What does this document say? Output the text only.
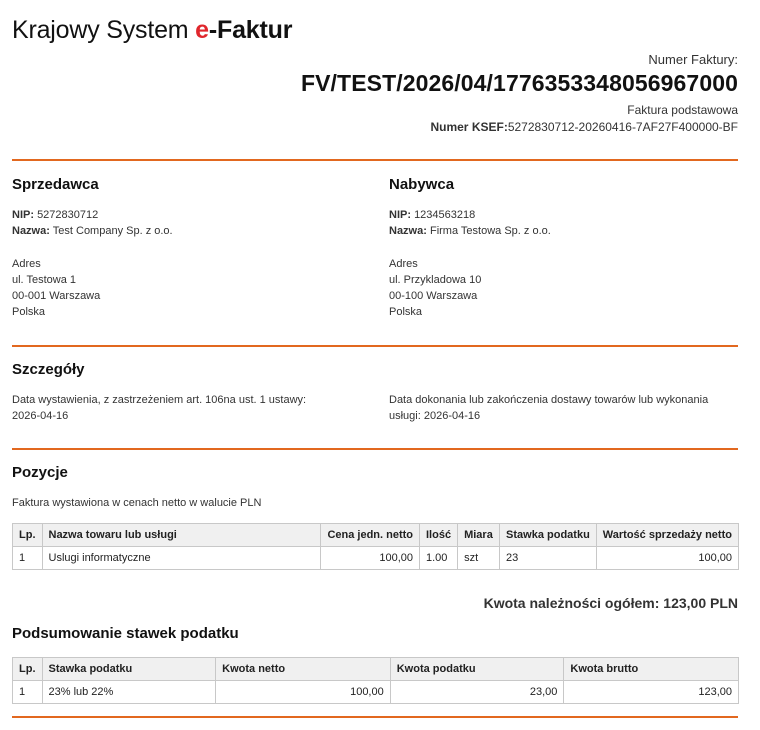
Krajowy System e-Faktur
Numer Faktury:
FV/TEST/2026/04/1776353348056967000
Faktura podstawowa
Numer KSEF:5272830712-20260416-7AF27F400000-BF
Sprzedawca
NIP: 5272830712
Nazwa: Test Company Sp. z o.o.
Adres
ul. Testowa 1
00-001 Warszawa
Polska
Nabywca
NIP: 1234563218
Nazwa: Firma Testowa Sp. z o.o.
Adres
ul. Przykladowa 10
00-100 Warszawa
Polska
Szczegóły
Data wystawienia, z zastrzeżeniem art. 106na ust. 1 ustawy:
2026-04-16
Data dokonania lub zakończenia dostawy towarów lub wykonania
usługi: 2026-04-16
Pozycje
Faktura wystawiona w cenach netto w walucie PLN
Lp.	Nazwa towaru lub usługi	Cena jedn. netto	Ilość	Miara	Stawka podatku	Wartość sprzedaży netto
1	Uslugi informatyczne	100,00	1.00	szt	23	100,00
Kwota należności ogółem: 123,00 PLN
Podsumowanie stawek podatku
Lp.	Stawka podatku	Kwota netto	Kwota podatku	Kwota brutto
1	23% lub 22%	100,00	23,00	123,00
